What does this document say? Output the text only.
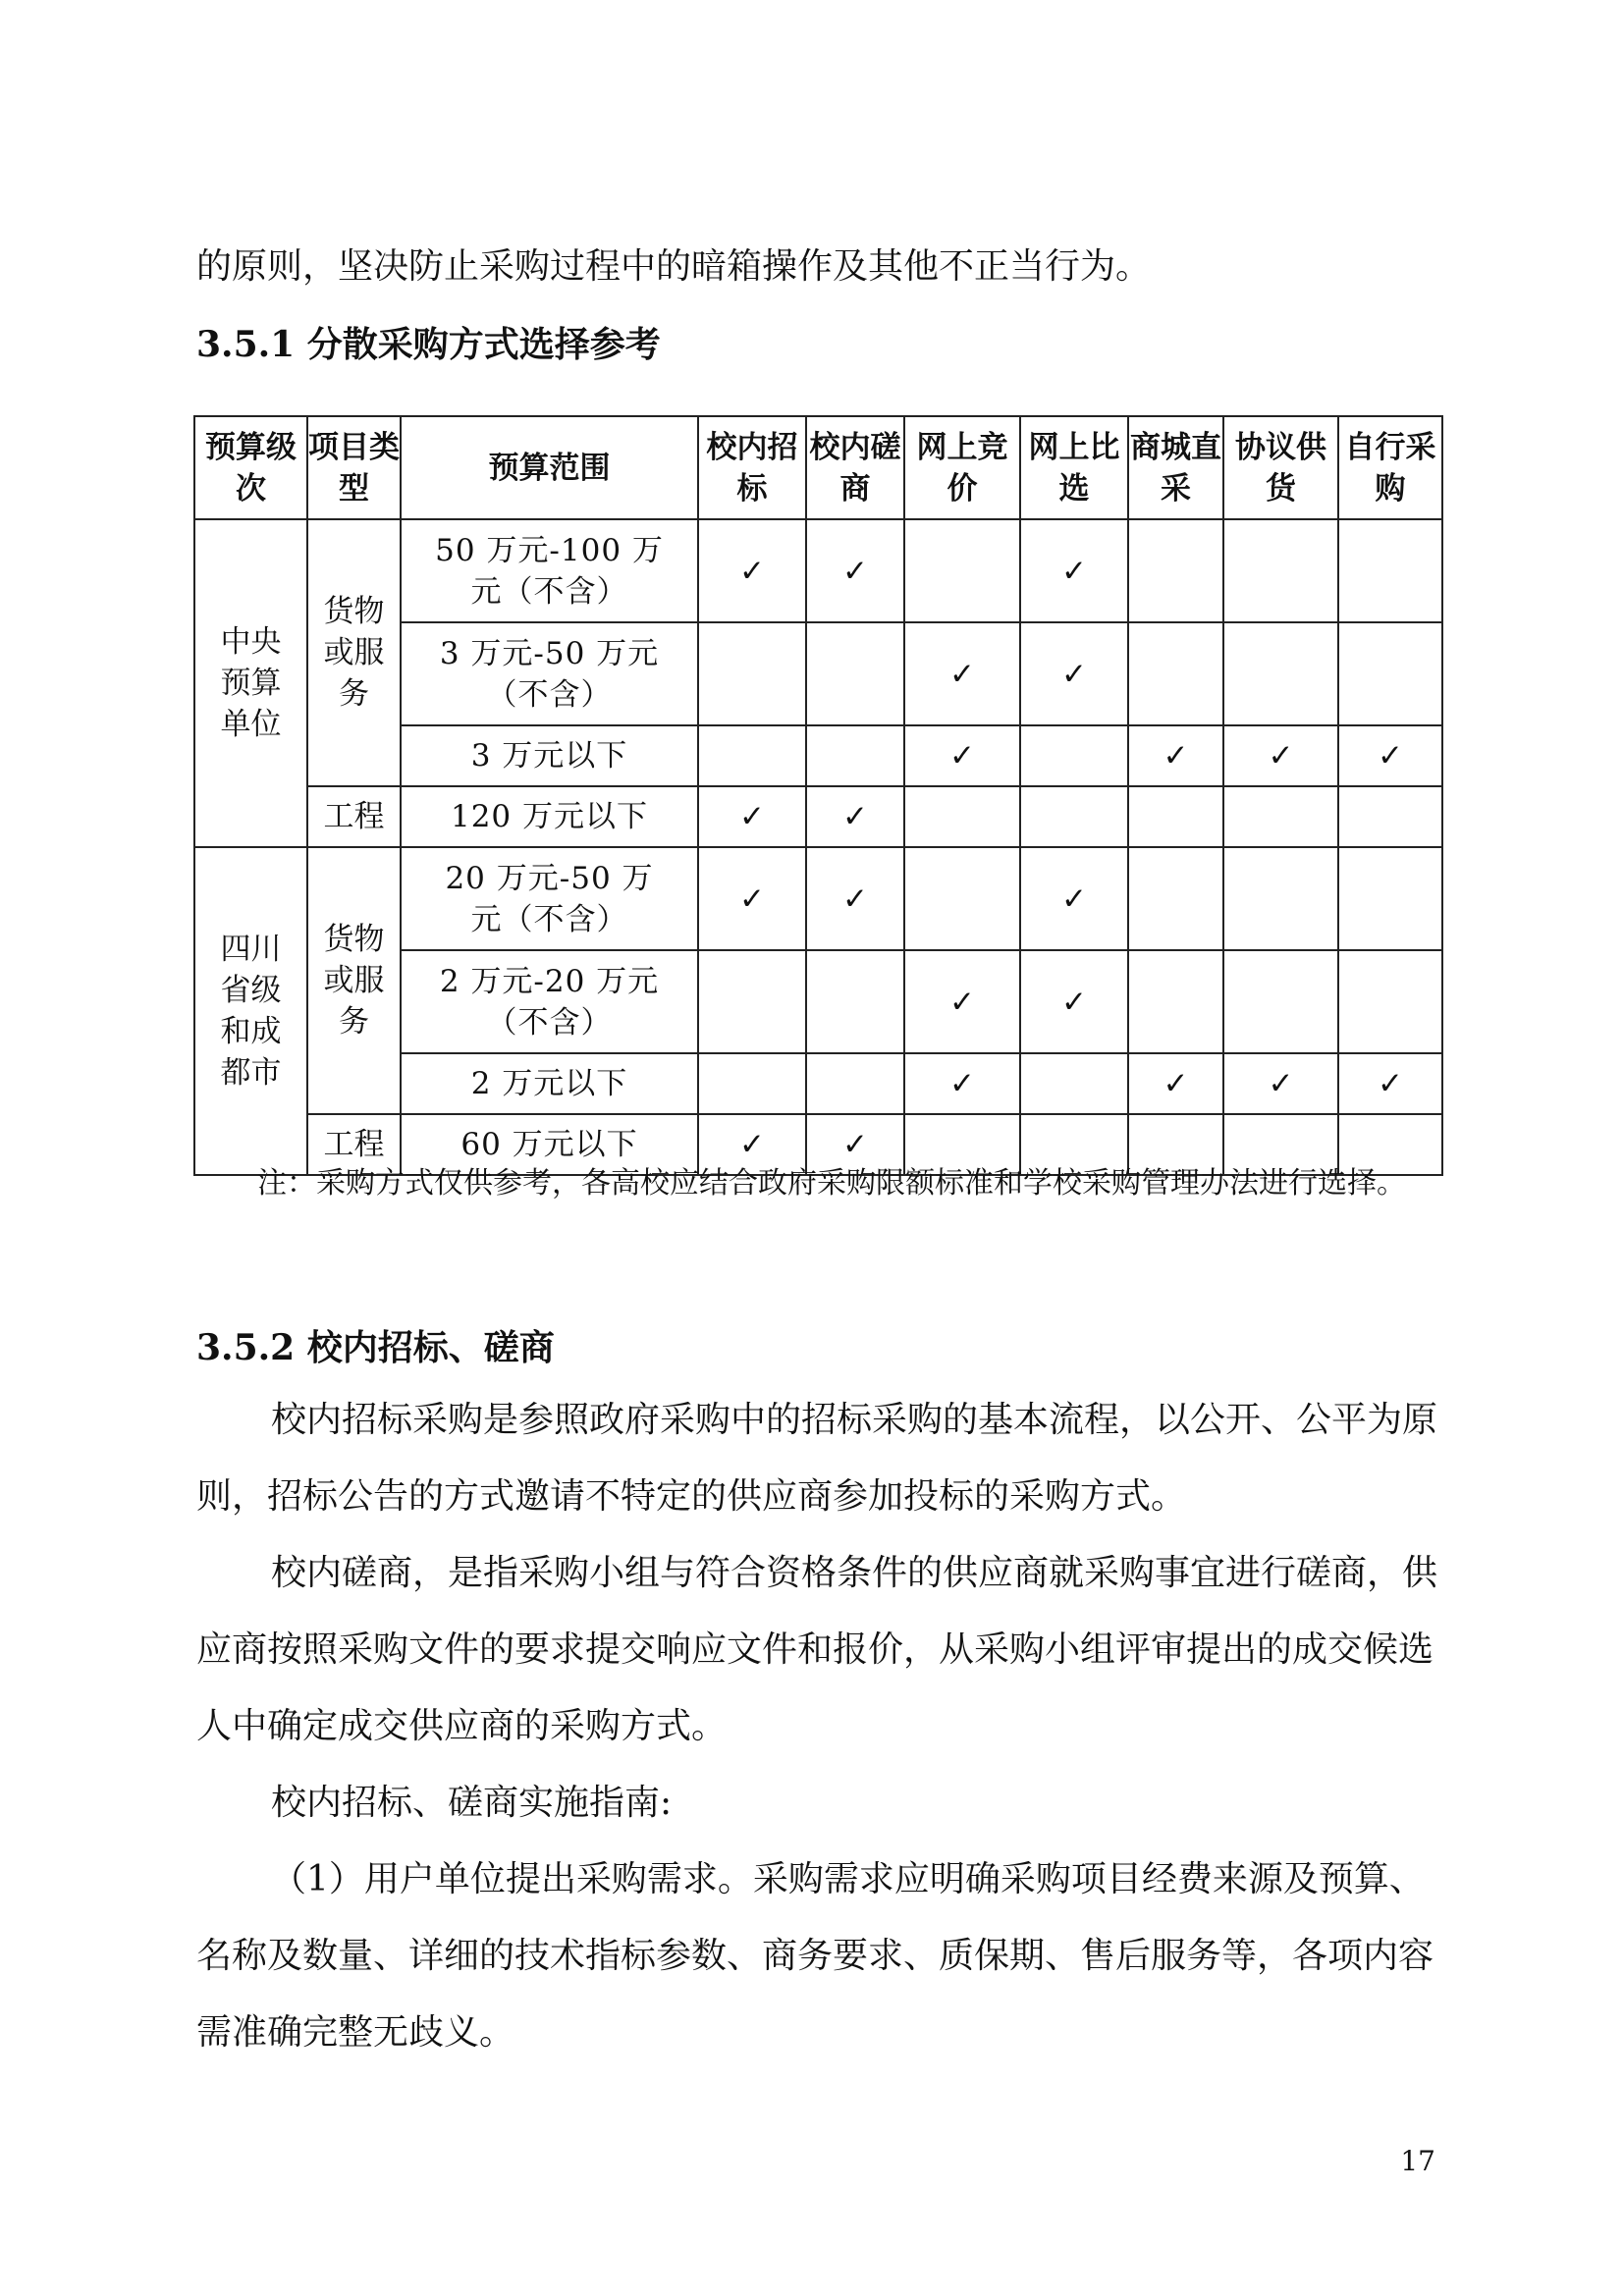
的原则，坚决防止采购过程中的暗箱操作及其他不正当行为。

3.5.1 分散采购方式选择参考
预算级次	项目类型	预算范围	校内招标	校内磋商	网上竞价	网上比选	商城直采	协议供货	自行采购
中央预算单位	货物或服务	50 万元-100 万元（不含）	✓	✓		✓			
		3 万元-50 万元（不含）			✓	✓			
		3 万元以下			✓		✓	✓	✓
	工程	120 万元以下	✓	✓					
四川省级和成都市	货物或服务	20 万元-50 万元（不含）	✓	✓		✓			
		2 万元-20 万元（不含）			✓	✓			
		2 万元以下			✓		✓	✓	✓
	工程	60 万元以下	✓	✓					

注：采购方式仅供参考，各高校应结合政府采购限额标准和学校采购管理办法进行选择。

3.5.2 校内招标、磋商

校内招标采购是参照政府采购中的招标采购的基本流程，以公开、公平为原则，招标公告的方式邀请不特定的供应商参加投标的采购方式。

校内磋商，是指采购小组与符合资格条件的供应商就采购事宜进行磋商，供应商按照采购文件的要求提交响应文件和报价，从采购小组评审提出的成交候选人中确定成交供应商的采购方式。

校内招标、磋商实施指南:

（1）用户单位提出采购需求。采购需求应明确采购项目经费来源及预算、名称及数量、详细的技术指标参数、商务要求、质保期、售后服务等，各项内容需准确完整无歧义。

17
